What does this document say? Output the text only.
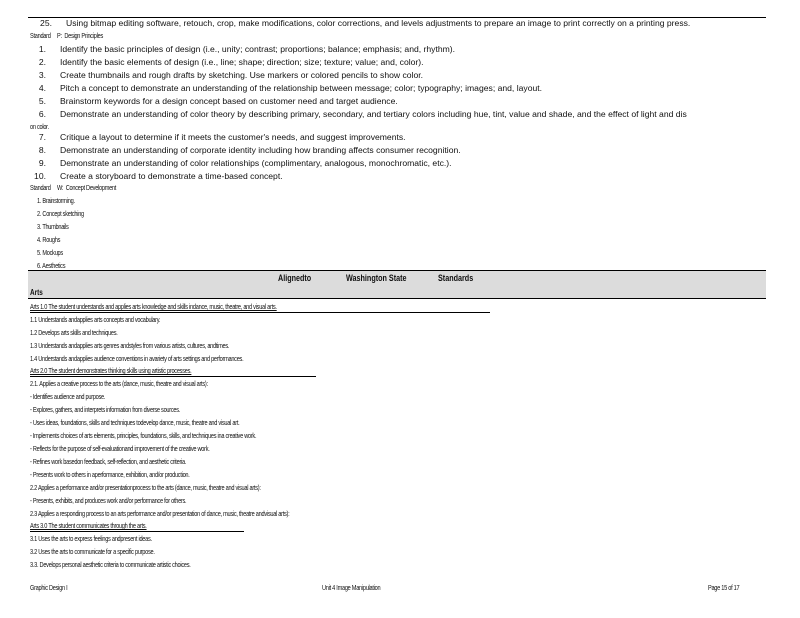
25. Using bitmap editing software, retouch, crop, make modifications, color corrections, and levels adjustments to prepare an image to print correctly on a printing press.
Standard P: Design Principles
1. Identify the basic principles of design (i.e., unity; contrast; proportions; balance; emphasis; and, rhythm).
2. Identify the basic elements of design (i.e., line; shape; direction; size; texture; value; and, color).
3. Create thumbnails and rough drafts by sketching. Use markers or colored pencils to show color.
4. Pitch a concept to demonstrate an understanding of the relationship between message; color; typography; images; and, layout.
5. Brainstorm keywords for a design concept based on customer need and target audience.
6. Demonstrate an understanding of color theory by describing primary, secondary, and tertiary colors including hue, tint, value and shade, and the effect of light and dis
on color.
7. Critique a layout to determine if it meets the customer's needs, and suggest improvements.
8. Demonstrate an understanding of corporate identity including how branding affects consumer recognition.
9. Demonstrate an understanding of color relationships (complimentary, analogous, monochromatic, etc.).
10. Create a storyboard to demonstrate a time-based concept.
Standard W: Concept Development
1. Brainstorming.
2. Concept sketching
3. Thumbnails
4. Roughs
5. Mockups
6. Aesthetics
Alignedto	Washington State	Standards
Arts
Arts 1.0 The student understands and applies arts knowledge and skills indance, music, theatre, and visual arts.
1.1 Understands andapplies arts concepts and vocabulary.
1.2 Develops arts skills and techniques.
1.3 Understands andapplies arts genres andstyles from various artists, cultures, andtimes.
1.4 Understands andapplies audience conventions in avariety of arts settings and performances.
Arts 2.0 The student demonstrates thinking skills using artistic processes.
2.1. Applies a creative process to the arts (dance, music, theatre and visual arts):
- Identifies audience and purpose.
- Explores, gathers, and interprets information from diverse sources.
- Uses ideas, foundations, skills and techniques todevelop dance, music, theatre and visual art.
- Implements choices of arts elements, principles, foundations, skills, and techniques ina creative work.
- Reflects for the purpose of self-evaluationand improvement of the creative work.
- Refines work basedon feedback, self-reflection, and aesthetic criteria.
- Presents work to others in aperformance, exhibition, and/or production.
2.2 Applies a performance and/or presentationprocess to the arts (dance, music, theatre and visual arts):
- Presents, exhibits, and produces work and/or performance for others.
2.3 Applies a responding process to an arts performance and/or presentation of dance, music, theatre andvisual arts):
Arts 3.0 The student communicates through the arts.
3.1 Uses the arts to express feelings andpresent ideas.
3.2 Uses the arts to communicate for a specific purpose.
3.3. Develops personal aesthetic criteria to communicate artistic choices.
Graphic Design I	Unit 4 Image Manipulation	Page 15 of 17
